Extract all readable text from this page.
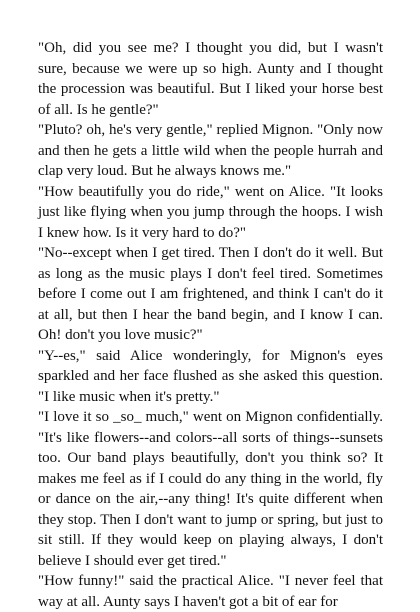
"Oh, did you see me? I thought you did, but I wasn't sure, because we were up so high. Aunty and I thought the procession was beautiful. But I liked your horse best of all. Is he gentle?"

"Pluto? oh, he's very gentle," replied Mignon. "Only now and then he gets a little wild when the people hurrah and clap very loud. But he always knows me."

"How beautifully you do ride," went on Alice. "It looks just like flying when you jump through the hoops. I wish I knew how. Is it very hard to do?"

"No--except when I get tired. Then I don't do it well. But as long as the music plays I don't feel tired. Sometimes before I come out I am frightened, and think I can't do it at all, but then I hear the band begin, and I know I can. Oh! don't you love music?"

"Y--es," said Alice wonderingly, for Mignon's eyes sparkled and her face flushed as she asked this question. "I like music when it's pretty."

"I love it so _so_ much," went on Mignon confidentially. "It's like flowers--and colors--all sorts of things--sunsets too. Our band plays beautifully, don't you think so? It makes me feel as if I could do any thing in the world, fly or dance on the air,--any thing! It's quite different when they stop. Then I don't want to jump or spring, but just to sit still. If they would keep on playing always, I don't believe I should ever get tired."

"How funny!" said the practical Alice. "I never feel that way at all. Aunty says I haven't got a bit of ear for
